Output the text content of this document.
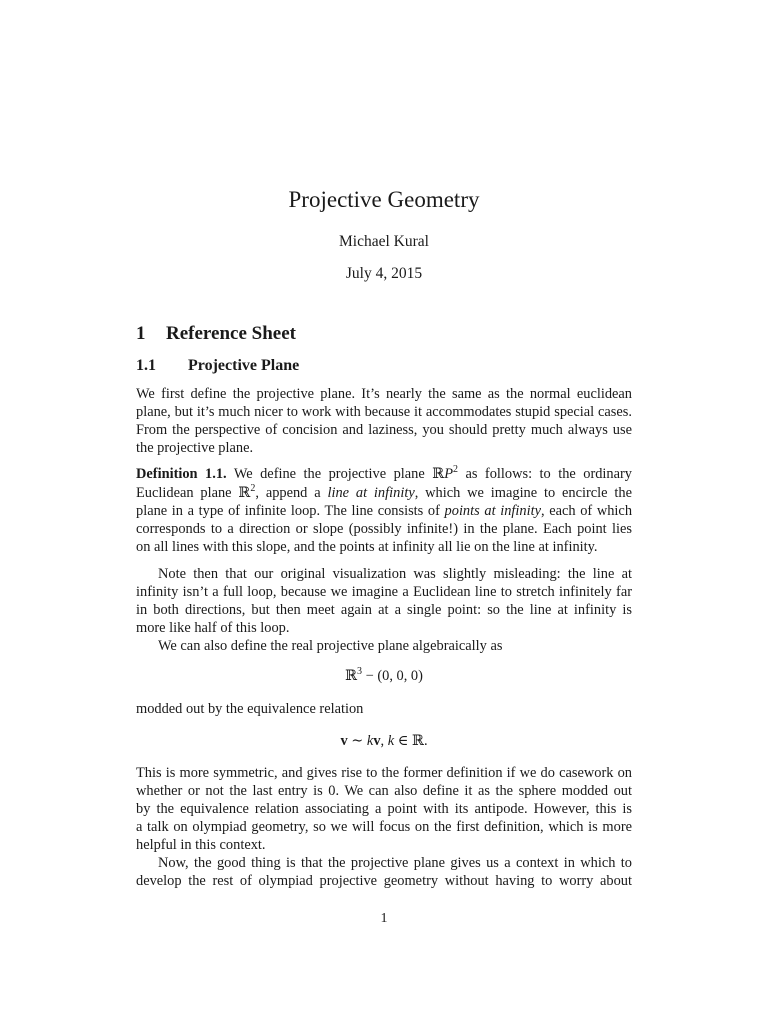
Projective Geometry
Michael Kural
July 4, 2015
1 Reference Sheet
1.1 Projective Plane
We first define the projective plane. It’s nearly the same as the normal euclidean
plane, but it’s much nicer to work with because it accommodates stupid special cases.
From the perspective of concision and laziness, you should pretty much always use
the projective plane.
Definition 1.1. We define the projective plane ℝP$^2$ as follows: to the ordinary
Euclidean plane ℝ$^2$, append a line at infinity, which we imagine to encircle the
plane in a type of infinite loop. The line consists of points at infinity, each of which
corresponds to a direction or slope (possibly infinite!) in the plane. Each point lies
on all lines with this slope, and the points at infinity all lie on the line at infinity.
Note then that our original visualization was slightly misleading: the line at
infinity isn’t a full loop, because we imagine a Euclidean line to stretch infinitely far
in both directions, but then meet again at a single point: so the line at infinity is
more like half of this loop.
We can also define the real projective plane algebraically as
ℝ$^3$ − (0, 0, 0)
modded out by the equivalence relation
v ∼ kv, k ∈ ℝ.
This is more symmetric, and gives rise to the former definition if we do casework on
whether or not the last entry is 0. We can also define it as the sphere modded out
by the equivalence relation associating a point with its antipode. However, this is
a talk on olympiad geometry, so we will focus on the first definition, which is more
helpful in this context.
Now, the good thing is that the projective plane gives us a context in which to
develop the rest of olympiad projective geometry without having to worry about
1
